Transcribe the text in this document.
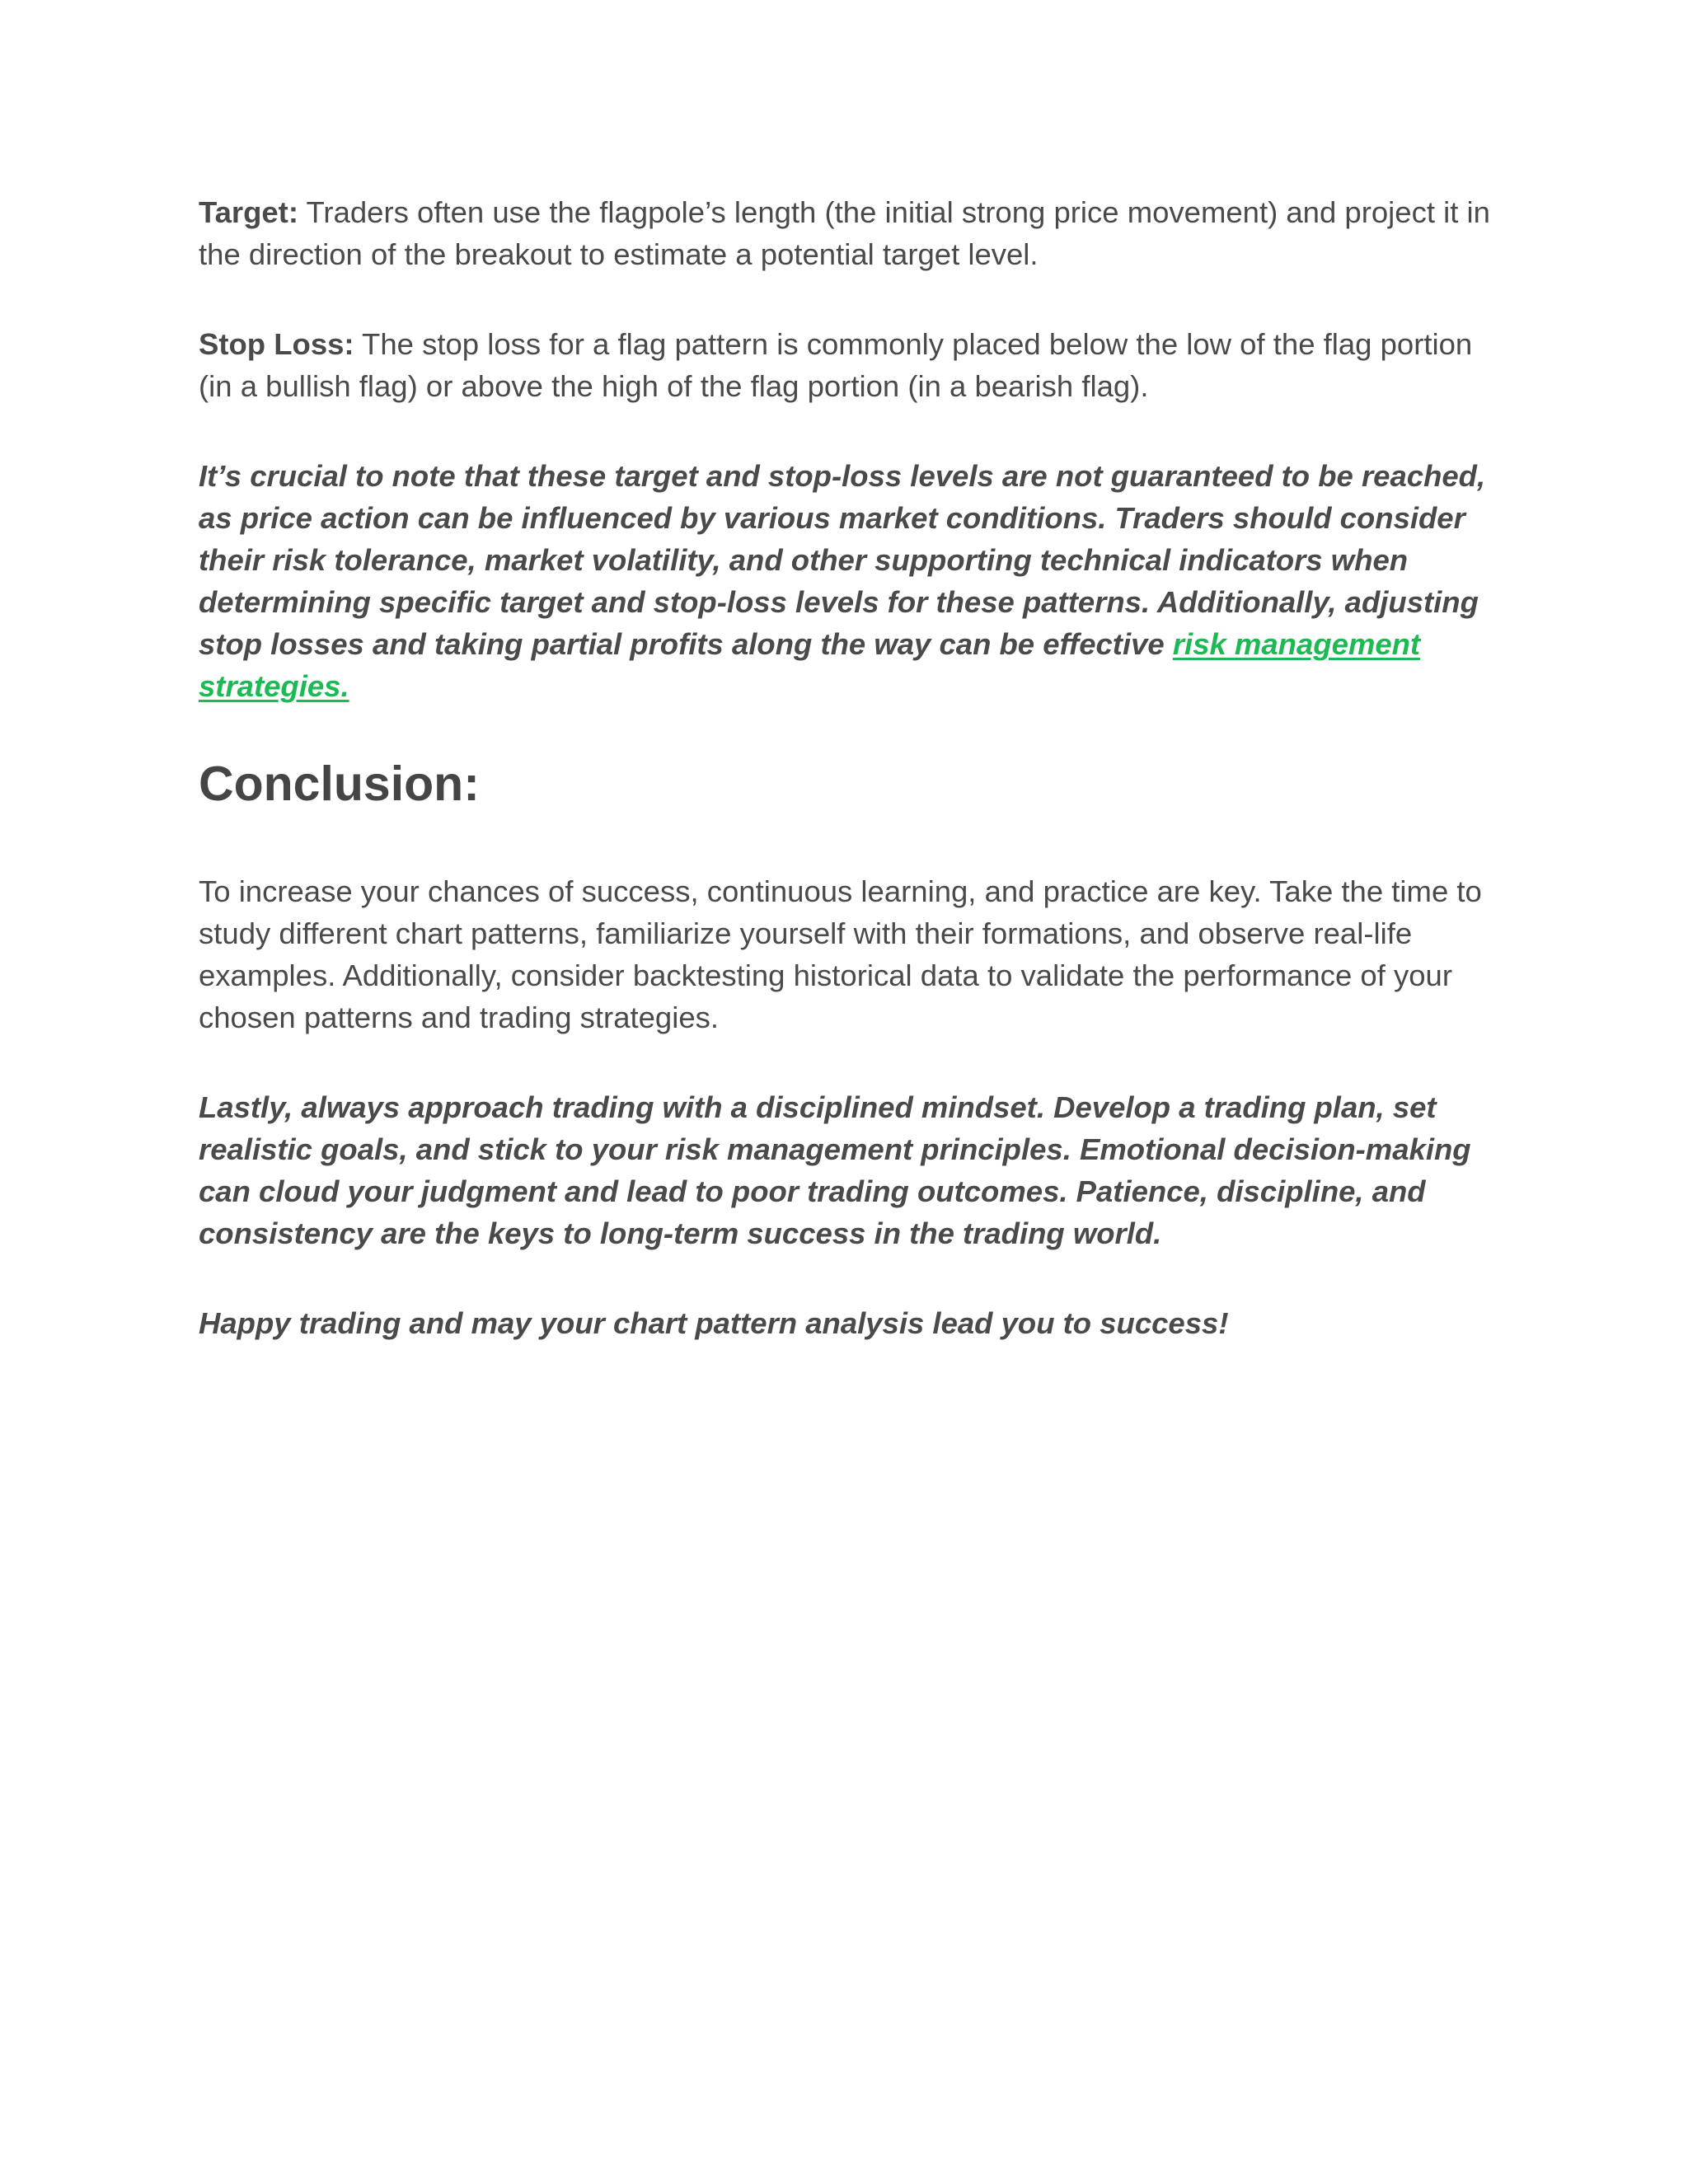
Target: Traders often use the flagpole’s length (the initial strong price movement) and project it in the direction of the breakout to estimate a potential target level.

Stop Loss: The stop loss for a flag pattern is commonly placed below the low of the flag portion (in a bullish flag) or above the high of the flag portion (in a bearish flag).

It’s crucial to note that these target and stop-loss levels are not guaranteed to be reached, as price action can be influenced by various market conditions. Traders should consider their risk tolerance, market volatility, and other supporting technical indicators when determining specific target and stop-loss levels for these patterns. Additionally, adjusting stop losses and taking partial profits along the way can be effective risk management strategies.

Conclusion:

To increase your chances of success, continuous learning, and practice are key. Take the time to study different chart patterns, familiarize yourself with their formations, and observe real-life examples. Additionally, consider backtesting historical data to validate the performance of your chosen patterns and trading strategies.

Lastly, always approach trading with a disciplined mindset. Develop a trading plan, set realistic goals, and stick to your risk management principles. Emotional decision-making can cloud your judgment and lead to poor trading outcomes. Patience, discipline, and consistency are the keys to long-term success in the trading world.

Happy trading and may your chart pattern analysis lead you to success!
